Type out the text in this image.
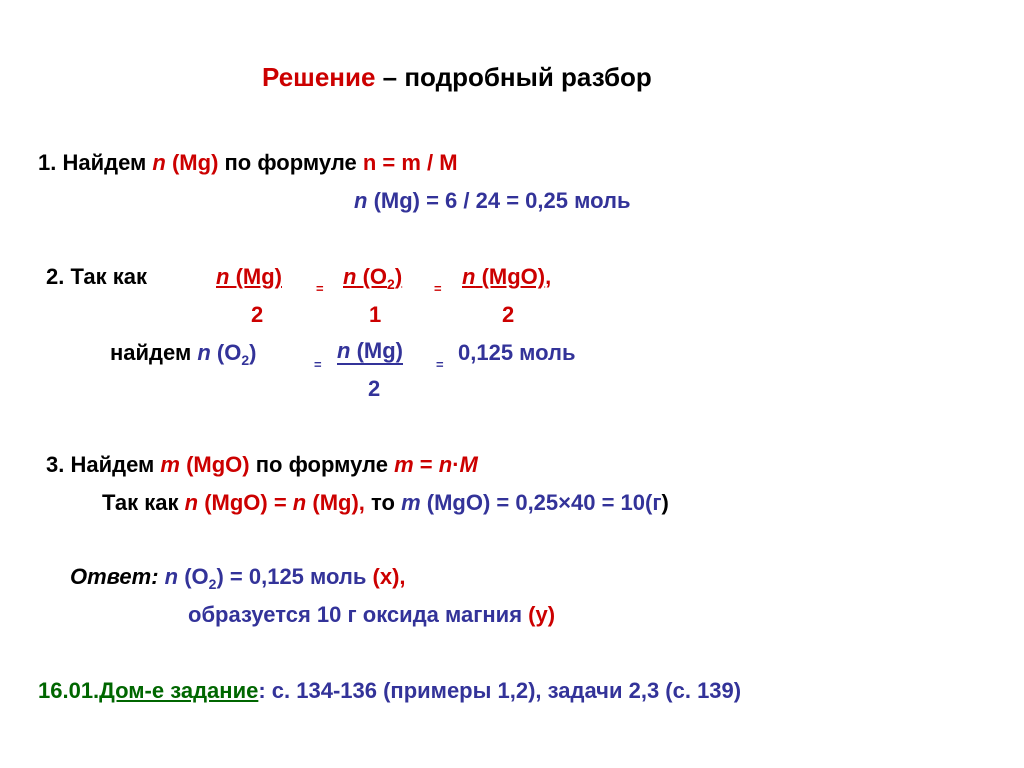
Решение – подробный разбор
1. Найдем n (Mg) по формуле n = m / M
n (Mg) = 6 / 24 = 0,25 моль
2. Так как	n (Mg)	= n $(O_2) = n$ (MgO),
2	1	2
найдем n $(O_2)$	=
n (Mg)
= 0,125 моль
2
3. Найдем m (MgO) по формуле m = n·M
Так как n (MgO) = n (Mg), то m (MgO) = 0,25×40 = 10(г)
Ответ: n $(O_2) = 0,125$ моль (х),
образуется 10 г оксида магния (у)
16.01.Дом-е задание: с. 134-136 (примеры 1,2), задачи 2,3 (с. 139)
